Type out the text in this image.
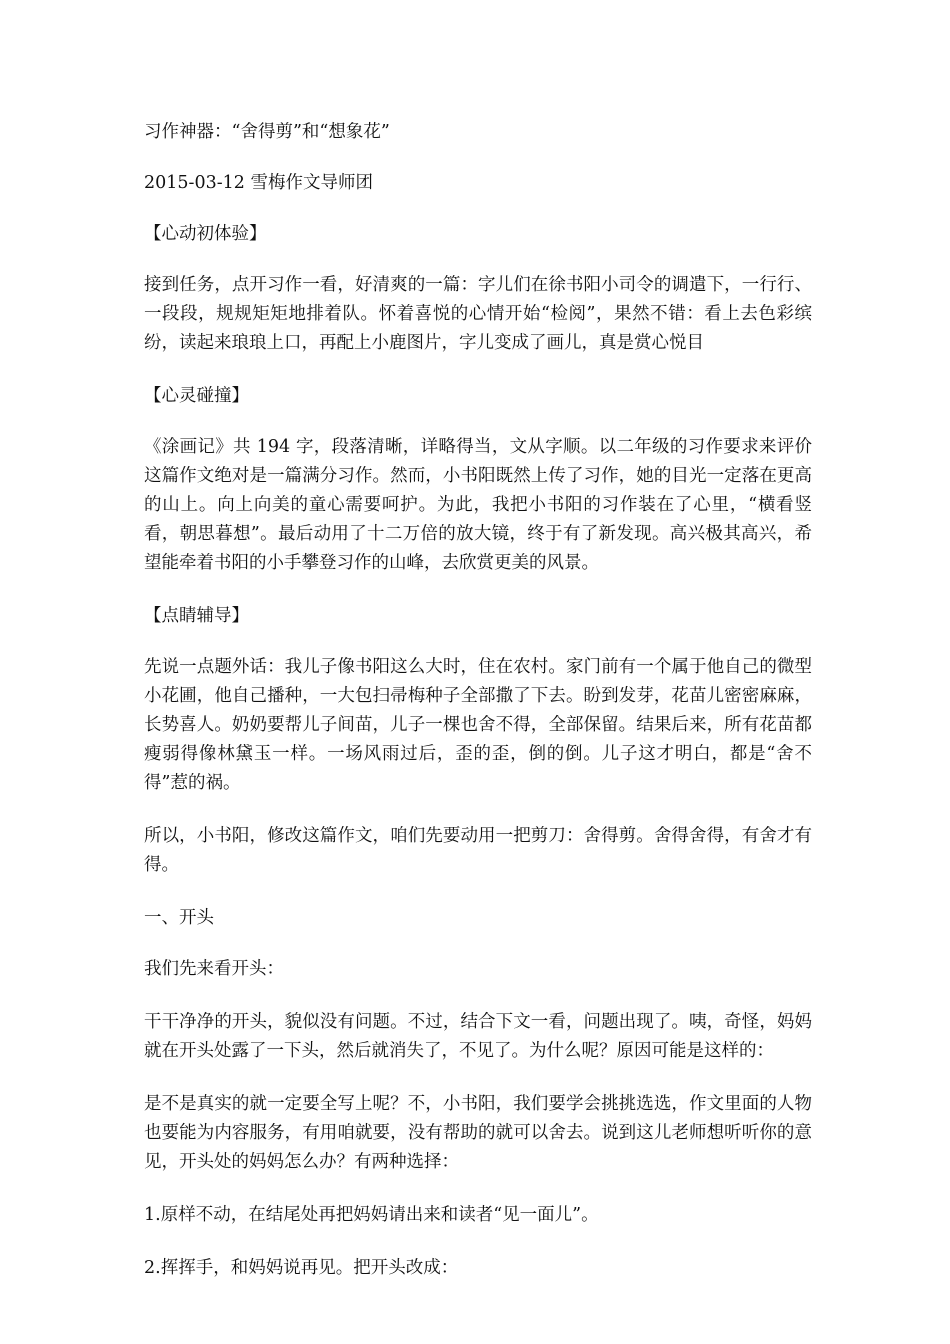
习作神器：“舍得剪”和“想象花”

2015-03-12 雪梅作文导师团

【心动初体验】

接到任务，点开习作一看，好清爽的一篇：字儿们在徐书阳小司令的调遣下，一行行、一段段，规规矩矩地排着队。怀着喜悦的心情开始“检阅”，果然不错：看上去色彩缤纷，读起来琅琅上口，再配上小鹿图片，字儿变成了画儿，真是赏心悦目

【心灵碰撞】

《涂画记》共 194 字，段落清晰，详略得当，文从字顺。以二年级的习作要求来评价这篇作文绝对是一篇满分习作。然而，小书阳既然上传了习作，她的目光一定落在更高的山上。向上向美的童心需要呵护。为此，我把小书阳的习作装在了心里，“横看竖看，朝思暮想”。最后动用了十二万倍的放大镜，终于有了新发现。高兴极其高兴，希望能牵着书阳的小手攀登习作的山峰，去欣赏更美的风景。

【点睛辅导】

先说一点题外话：我儿子像书阳这么大时，住在农村。家门前有一个属于他自己的微型小花圃，他自己播种，一大包扫帚梅种子全部撒了下去。盼到发芽，花苗儿密密麻麻，长势喜人。奶奶要帮儿子间苗，儿子一棵也舍不得，全部保留。结果后来，所有花苗都瘦弱得像林黛玉一样。一场风雨过后，歪的歪，倒的倒。儿子这才明白，都是“舍不得”惹的祸。

所以，小书阳，修改这篇作文，咱们先要动用一把剪刀：舍得剪。舍得舍得，有舍才有得。

一、开头

我们先来看开头：

干干净净的开头，貌似没有问题。不过，结合下文一看，问题出现了。咦，奇怪，妈妈就在开头处露了一下头，然后就消失了，不见了。为什么呢？原因可能是这样的：

是不是真实的就一定要全写上呢？不，小书阳，我们要学会挑挑选选，作文里面的人物也要能为内容服务，有用咱就要，没有帮助的就可以舍去。说到这儿老师想听听你的意见，开头处的妈妈怎么办？有两种选择：

1.原样不动，在结尾处再把妈妈请出来和读者“见一面儿”。

2.挥挥手，和妈妈说再见。把开头改成：
